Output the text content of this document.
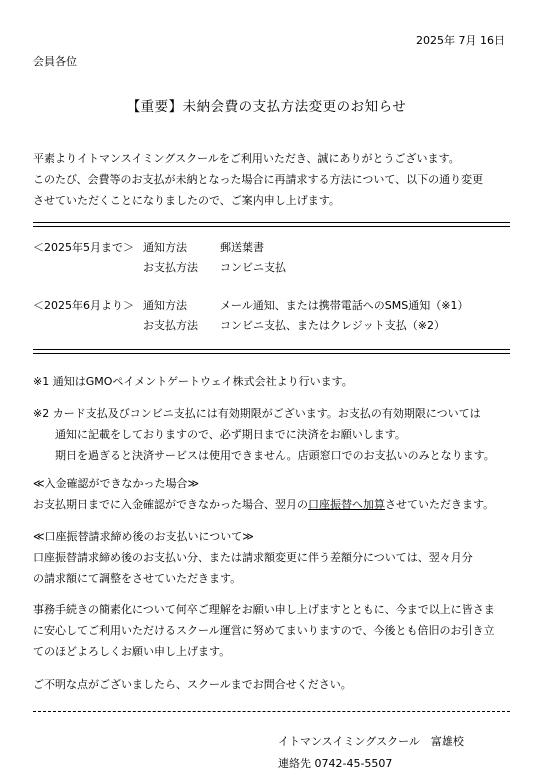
2025年 7月 16日
会員各位
【重要】未納会費の支払方法変更のお知らせ
平素よりイトマンスイミングスクールをご利用いただき、誠にありがとうございます。
このたび、会費等のお支払が未納となった場合に再請求する方法について、以下の通り変更
させていただくことになりましたので、ご案内申し上げます。
＜2025年5月まで＞ 通知方法	郵送葉書
お支払方法 コンビニ支払
＜2025年6月より＞ 通知方法	メール通知、または携帯電話へのSMS通知（※1）
お支払方法 コンビニ支払、またはクレジット支払（※2）
※1 通知はGMOペイメントゲートウェイ株式会社より行います。
※2 カード支払及びコンビニ支払には有効期限がございます。お支払の有効期限については
通知に記載をしておりますので、必ず期日までに決済をお願いします。
期日を過ぎると決済サービスは使用できません。店頭窓口でのお支払いのみとなります。
≪入金確認ができなかった場合≫
お支払期日までに入金確認ができなかった場合、翌月の口座振替へ加算させていただきます。
≪口座振替請求締め後のお支払いについて≫
口座振替請求締め後のお支払い分、または請求額変更に伴う差額分については、翌々月分
の請求額にて調整をさせていただきます。
事務手続きの簡素化について何卒ご理解をお願い申し上げますとともに、今まで以上に皆さま
に安心してご利用いただけるスクール運営に努めてまいりますので、今後とも倍旧のお引き立
てのほどよろしくお願い申し上げます。
ご不明な点がございましたら、スクールまでお問合せください。
イトマンスイミングスクール　富雄校
連絡先 0742-45-5507
